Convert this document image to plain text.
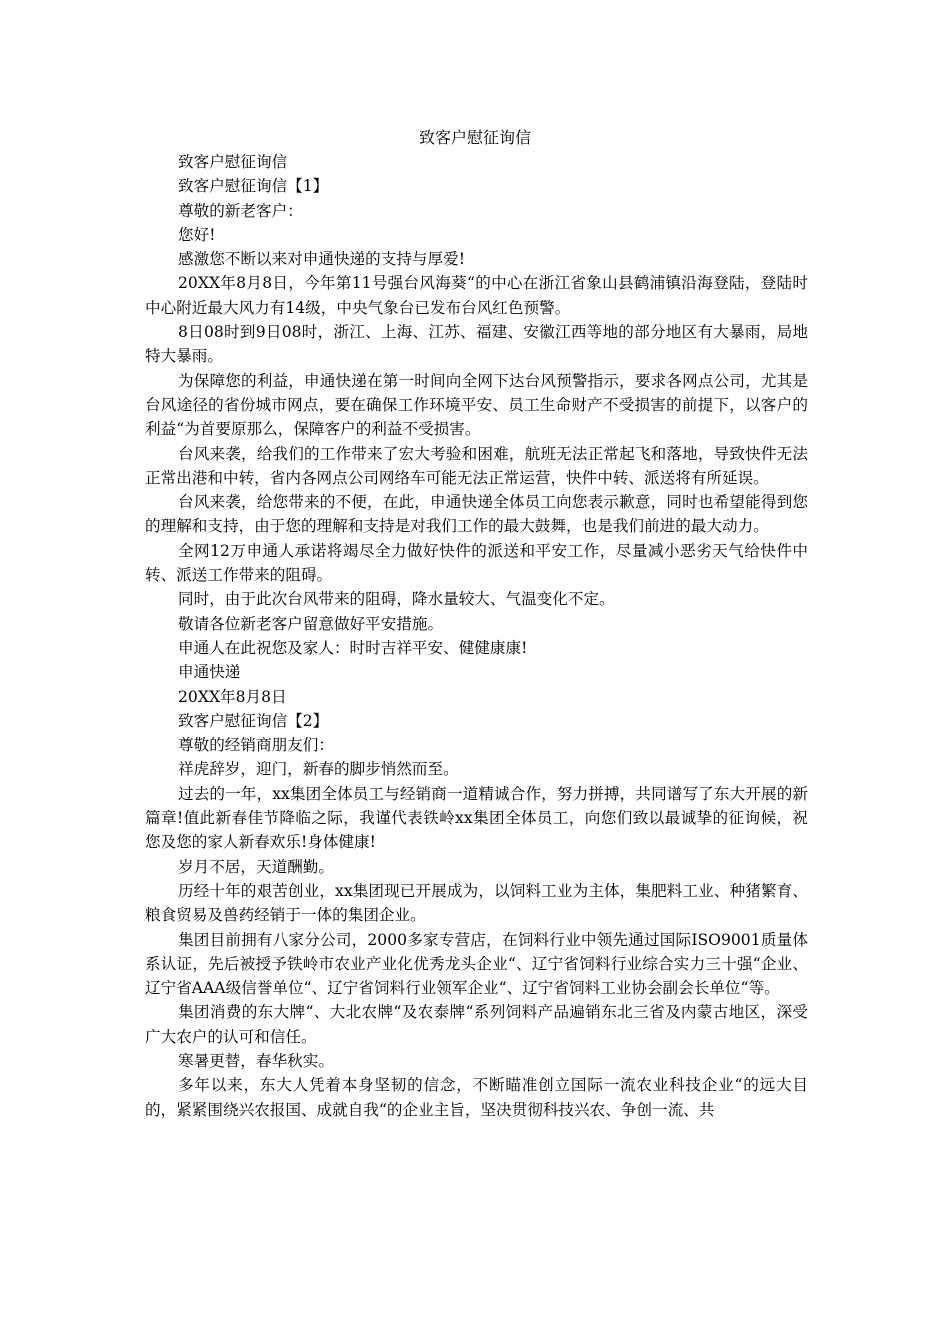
致客户慰征询信

致客户慰征询信

致客户慰征询信【1】

尊敬的新老客户：

您好!

感激您不断以来对申通快递的支持与厚爱!

20XX年8月8日，今年第11号强台风海葵“的中心在浙江省象山县鹤浦镇沿海登陆，登陆时中心附近最大风力有14级，中央气象台已发布台风红色预警。

8日08时到9日08时，浙江、上海、江苏、福建、安徽江西等地的部分地区有大暴雨，局地特大暴雨。

为保障您的利益，申通快递在第一时间向全网下达台风预警指示，要求各网点公司，尤其是台风途径的省份城市网点，要在确保工作环境平安、员工生命财产不受损害的前提下，以客户的利益“为首要原那么，保障客户的利益不受损害。

台风来袭，给我们的工作带来了宏大考验和困难，航班无法正常起飞和落地，导致快件无法正常出港和中转，省内各网点公司网络车可能无法正常运营，快件中转、派送将有所延误。

台风来袭，给您带来的不便，在此，申通快递全体员工向您表示歉意，同时也希望能得到您的理解和支持，由于您的理解和支持是对我们工作的最大鼓舞，也是我们前进的最大动力。

全网12万申通人承诺将竭尽全力做好快件的派送和平安工作，尽量减小恶劣天气给快件中转、派送工作带来的阻碍。

同时，由于此次台风带来的阻碍，降水量较大、气温变化不定。

敬请各位新老客户留意做好平安措施。

申通人在此祝您及家人：时时吉祥平安、健健康康!

申通快递

20XX年8月8日

致客户慰征询信【2】

尊敬的经销商朋友们：

祥虎辞岁，迎门，新春的脚步悄然而至。

过去的一年，xx集团全体员工与经销商一道精诚合作，努力拼搏，共同谱写了东大开展的新篇章!值此新春佳节降临之际，我谨代表铁岭xx集团全体员工，向您们致以最诚挚的征询候，祝您及您的家人新春欢乐!身体健康!

岁月不居，天道酬勤。

历经十年的艰苦创业，xx集团现已开展成为，以饲料工业为主体，集肥料工业、种猪繁育、粮食贸易及兽药经销于一体的集团企业。

集团目前拥有八家分公司，2000多家专营店，在饲料行业中领先通过国际ISO9001质量体系认证，先后被授予铁岭市农业产业化优秀龙头企业“、辽宁省饲料行业综合实力三十强“企业、辽宁省AAA级信誉单位“、辽宁省饲料行业领军企业“、辽宁省饲料工业协会副会长单位“等。

集团消费的东大牌“、大北农牌“及农泰牌“系列饲料产品遍销东北三省及内蒙古地区，深受广大农户的认可和信任。

寒暑更替，春华秋实。

多年以来，东大人凭着本身坚韧的信念，不断瞄准创立国际一流农业科技企业“的远大目的，紧紧围绕兴农报国、成就自我“的企业主旨，坚决贯彻科技兴农、争创一流、共
